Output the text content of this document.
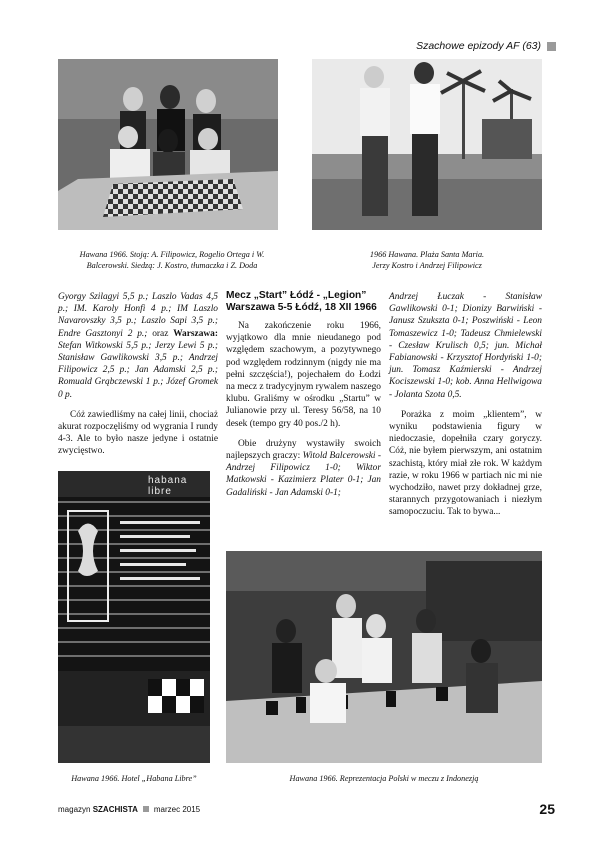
Szachowe epizody AF (63)
Hawana 1966. Stoją: A. Filipowicz, Rogelio Ortega i W. Balcerowski. Siedzą: J. Kostro, tłumaczka i Z. Doda
1966 Hawana. Plaża Santa Maria.
Jerzy Kostro i Andrzej Filipowicz

Gyorgy Szilagyi 5,5 p.; Laszlo Vadas 4,5 p.; IM. Karoly Honfi 4 p.; IM Laszlo Navarovszky 3,5 p.; Laszlo Sapi 3,5 p.; Endre Gasztonyi 2 p.; oraz Warszawa: Stefan Witkowski 5,5 p.; Jerzy Lewi 5 p.; Stanisław Gawlikowski 3,5 p.; Andrzej Filipowicz 2,5 p.; Jan Adamski 2,5 p.; Romuald Grąbczewski 1 p.; Józef Gromek 0 p.

Cóż zawiedliśmy na całej linii, chociaż akurat rozpoczęliśmy od wygrania I rundy 4-3. Ale to było nasze jedyne i ostatnie zwycięstwo.

habana libre
Hawana 1966. Hotel „Habana Libre”
Mecz „Start” Łódź - „Legion” Warszawa 5-5 Łódź, 18 XII 1966

Na zakończenie roku 1966, wyjątkowo dla mnie nieudanego pod względem szachowym, a pozytywnego pod względem rodzinnym (nigdy nie ma pełni szczęścia!), pojechałem do Łodzi na mecz z tradycyjnym rywalem naszego klubu. Graliśmy w ośrodku „Startu” w Julianowie przy ul. Teresy 56/58, na 10 desek (tempo gry 40 pos./2 h).

Obie drużyny wystawiły swoich najlepszych graczy: Witold Balcerowski - Andrzej Filipowicz 1-0; Wiktor Matkowski - Kazimierz Plater 0-1; Jan Gadaliński - Jan Adamski 0-1;

Andrzej Łuczak - Stanisław Gawlikowski 0-1; Dionizy Barwiński - Janusz Szukszta 0-1; Poszwiński - Leon Tomaszewicz 1-0; Tadeusz Chmielewski - Czesław Krulisch 0,5; jun. Michał Fabianowski - Krzysztof Hordyński 1-0; jun. Tomasz Kaźmierski - Andrzej Kociszewski 1-0; kob. Anna Hellwigowa - Jolanta Szota 0,5.

Porażka z moim „klientem”, w wyniku podstawienia figury w niedoczasie, dopełniła czary goryczy. Cóż, nie byłem pierwszym, ani ostatnim szachistą, który miał złe rok. W każdym razie, w roku 1966 w partiach nic mi nie wychodziło, nawet przy dokładnej grze, starannych przygotowaniach i niezłym samopoczuciu. Tak to bywa...

Hawana 1966. Reprezentacja Polski w meczu z Indonezją
magazyn SZACHISTA marzec 2015	25
